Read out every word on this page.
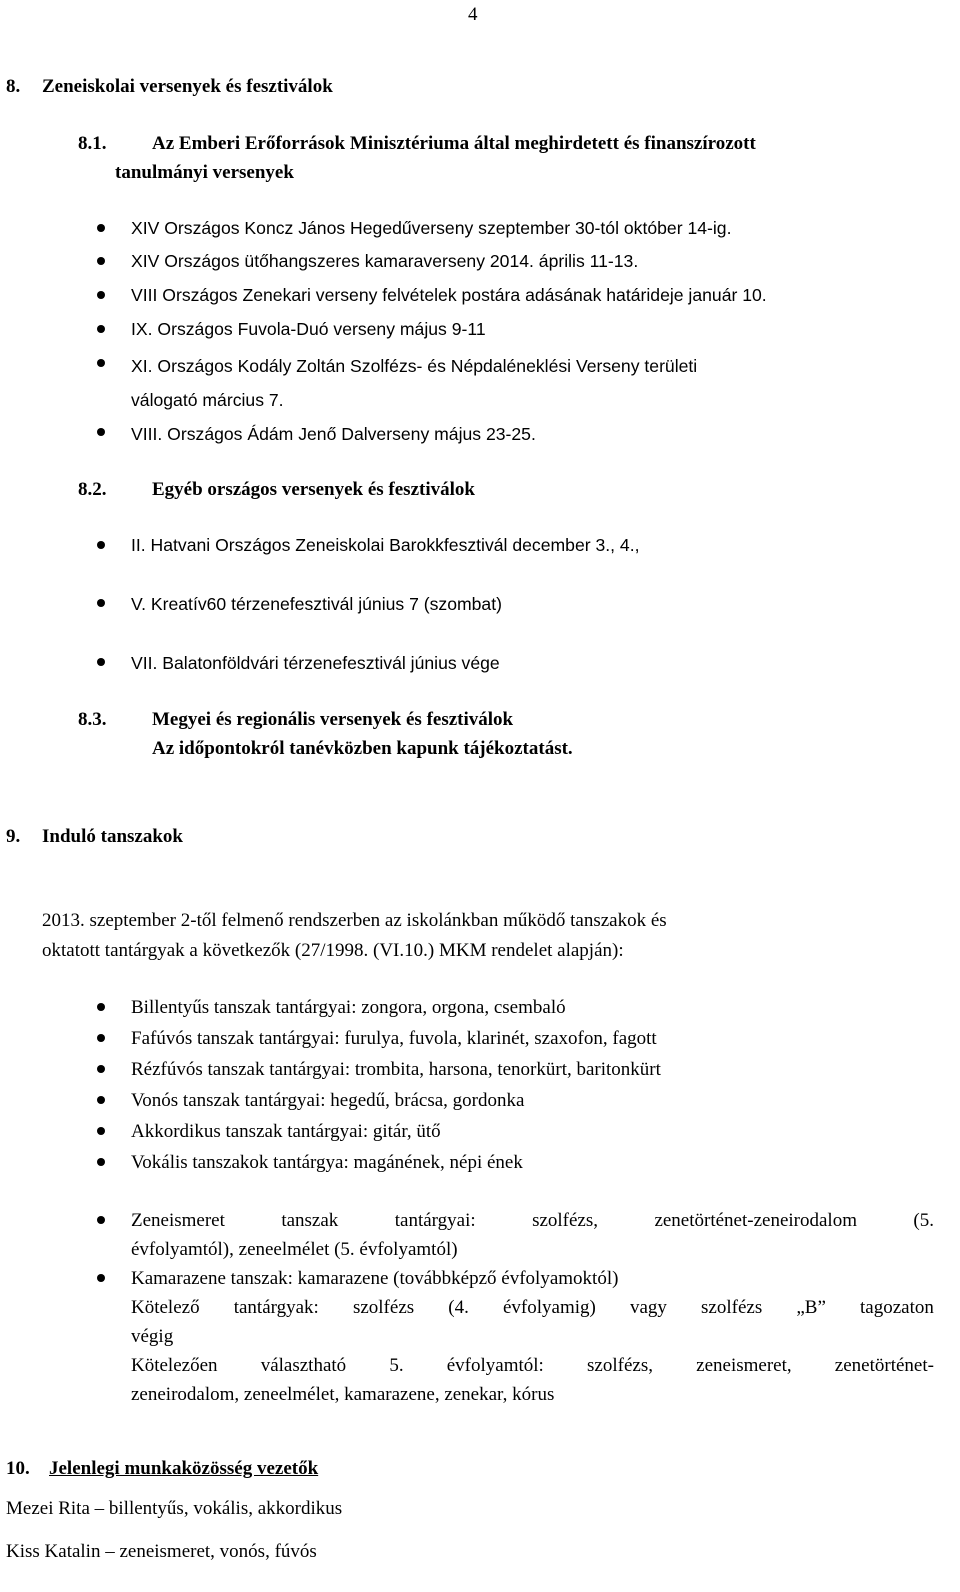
4
8. Zeneiskolai versenyek és fesztiválok
8.1. Az Emberi Erőforrások Minisztériuma által meghirdetett és finanszírozott
tanulmányi versenyek
XIV Országos Koncz János Hegedűverseny szeptember 30-tól október 14-ig.
XIV Országos ütőhangszeres kamaraverseny 2014. április 11-13.
VIII Országos Zenekari verseny felvételek postára adásának határideje január 10.
IX. Országos Fuvola-Duó verseny május 9-11
XI. Országos Kodály Zoltán Szolfézs- és Népdaléneklési Verseny területi
válogató március 7.
VIII. Országos Ádám Jenő Dalverseny május 23-25.
8.2. Egyéb országos versenyek és fesztiválok
II. Hatvani Országos Zeneiskolai Barokkfesztivál december 3., 4.,
V. Kreatív60 térzenefesztivál június 7 (szombat)
VII. Balatonföldvári térzenefesztivál június vége
8.3. Megyei és regionális versenyek és fesztiválok
Az időpontokról tanévközben kapunk tájékoztatást.
9. Induló tanszakok
2013. szeptember 2-től felmenő rendszerben az iskolánkban működő tanszakok és
oktatott tantárgyak a következők (27/1998. (VI.10.) MKM rendelet alapján):
Billentyűs tanszak tantárgyai: zongora, orgona, csembaló
Fafúvós tanszak tantárgyai: furulya, fuvola, klarinét, szaxofon, fagott
Rézfúvós tanszak tantárgyai: trombita, harsona, tenorkürt, baritonkürt
Vonós tanszak tantárgyai: hegedű, brácsa, gordonka
Akkordikus tanszak tantárgyai: gitár, ütő
Vokális tanszakok tantárgya: magánének, népi ének
Zeneismeret	tanszak	tantárgyai:	szolfézs,	zenetörténet-zeneirodalom	(5.
évfolyamtól), zeneelmélet (5. évfolyamtól)
Kamarazene tanszak: kamarazene (továbbképző évfolyamoktól)
Kötelező tantárgyak: szolfézs (4. évfolyamig) vagy szolfézs „B” tagozaton
végig
Kötelezően választható 5. évfolyamtól: szolfézs, zeneismeret, zenetörténet-
zeneirodalom, zeneelmélet, kamarazene, zenekar, kórus
10. Jelenlegi munkaközösség vezetők
Mezei Rita – billentyűs, vokális, akkordikus
Kiss Katalin – zeneismeret, vonós, fúvós
